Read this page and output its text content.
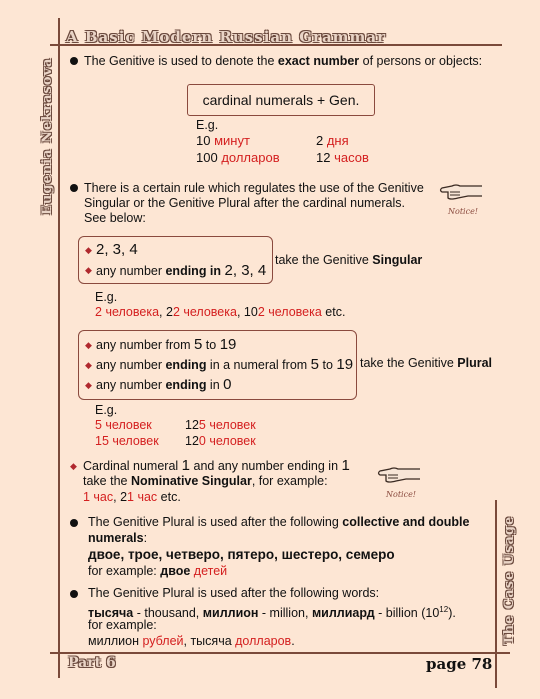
A Basic Modern Russian Grammar
Eugenia Nekrasova
The Case Usage
Part 6	page 78
The Genitive is used to denote the exact number of persons or objects:
cardinal numerals + Gen.
E.g.
10 минут	2 дня
100 долларов	12 часов
There is a certain rule which regulates the use of the Genitive
Singular or the Genitive Plural after the cardinal numerals.
See below:	Notice!
◆ 2, 3, 4
◆ any number ending in 2, 3, 4
take the Genitive Singular
E.g.
2 человека, 22 человека, 102 человека etc.
◆ any number from 5 to 19
◆ any number ending in a numeral from 5 to 19
◆ any number ending in 0
take the Genitive Plural
E.g.
5 человек	125 человек
15 человек 120 человек
◆ Cardinal numeral 1 and any number ending in 1
take the Nominative Singular, for example:
1 час, 21 час etc.	Notice!
The Genitive Plural is used after the following collective and double
numerals:
двое, трое, четверо, пятеро, шестеро, семеро
for example: двое детей
The Genitive Plural is used after the following words:
тысяча - thousand, миллион - million, миллиард - billion $(10^{12})$.
for example:
миллион рублей, тысяча долларов.
